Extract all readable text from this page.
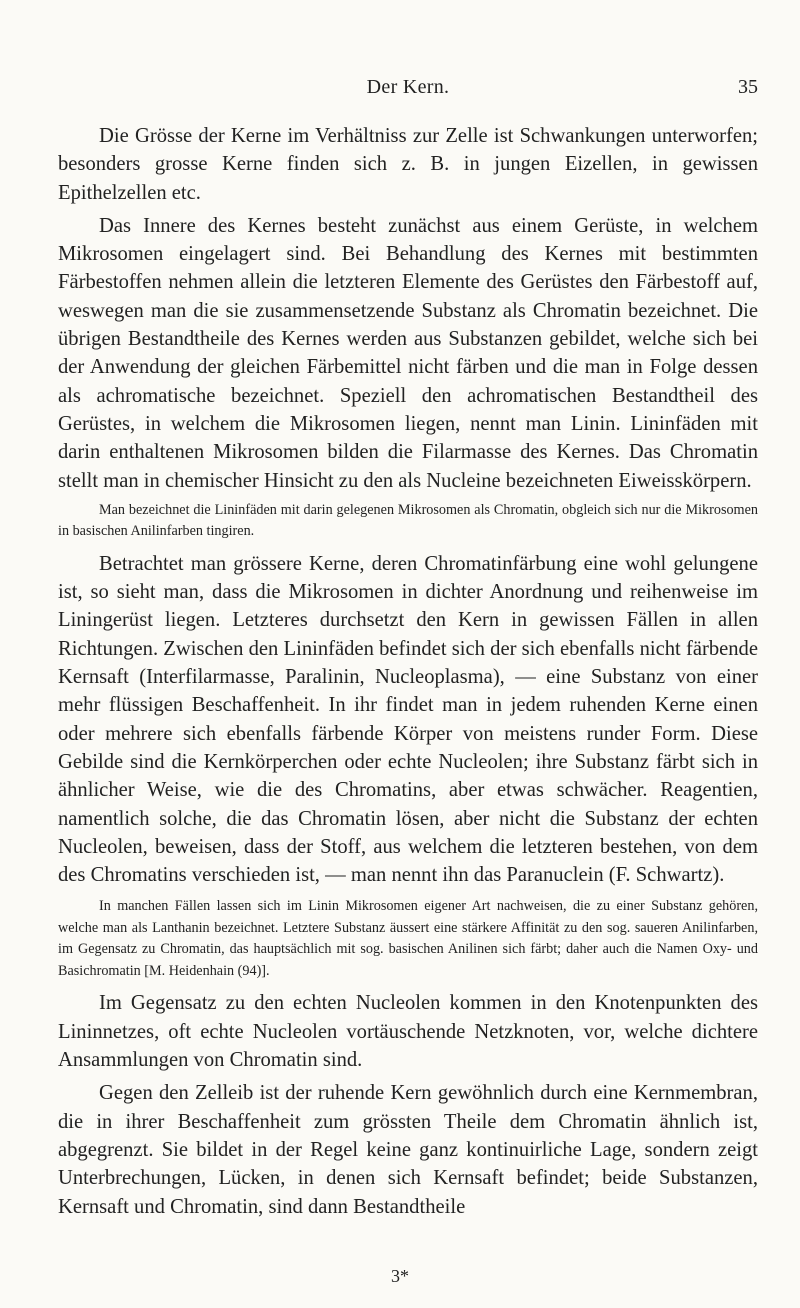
Der Kern.	35

Die Grösse der Kerne im Verhältniss zur Zelle ist Schwankungen unterworfen; besonders grosse Kerne finden sich z. B. in jungen Eizellen, in gewissen Epithelzellen etc.

Das Innere des Kernes besteht zunächst aus einem Gerüste, in welchem Mikrosomen eingelagert sind. Bei Behandlung des Kernes mit bestimmten Färbestoffen nehmen allein die letzteren Elemente des Gerüstes den Färbestoff auf, weswegen man die sie zusammensetzende Substanz als Chromatin bezeichnet. Die übrigen Bestandtheile des Kernes werden aus Substanzen gebildet, welche sich bei der Anwendung der gleichen Färbemittel nicht färben und die man in Folge dessen als achromatische bezeichnet. Speziell den achromatischen Bestandtheil des Gerüstes, in welchem die Mikrosomen liegen, nennt man Linin. Lininfäden mit darin enthaltenen Mikrosomen bilden die Filarmasse des Kernes. Das Chromatin stellt man in chemischer Hinsicht zu den als Nucleine bezeichneten Eiweisskörpern.

Man bezeichnet die Lininfäden mit darin gelegenen Mikrosomen als Chromatin, obgleich sich nur die Mikrosomen in basischen Anilinfarben tingiren.

Betrachtet man grössere Kerne, deren Chromatinfärbung eine wohl gelungene ist, so sieht man, dass die Mikrosomen in dichter Anordnung und reihenweise im Liningerüst liegen. Letzteres durchsetzt den Kern in gewissen Fällen in allen Richtungen. Zwischen den Lininfäden befindet sich der sich ebenfalls nicht färbende Kernsaft (Interfilarmasse, Paralinin, Nucleoplasma), — eine Substanz von einer mehr flüssigen Beschaffenheit. In ihr findet man in jedem ruhenden Kerne einen oder mehrere sich ebenfalls färbende Körper von meistens runder Form. Diese Gebilde sind die Kernkörperchen oder echte Nucleolen; ihre Substanz färbt sich in ähnlicher Weise, wie die des Chromatins, aber etwas schwächer. Reagentien, namentlich solche, die das Chromatin lösen, aber nicht die Substanz der echten Nucleolen, beweisen, dass der Stoff, aus welchem die letzteren bestehen, von dem des Chromatins verschieden ist, — man nennt ihn das Paranuclein (F. Schwartz).

In manchen Fällen lassen sich im Linin Mikrosomen eigener Art nachweisen, die zu einer Substanz gehören, welche man als Lanthanin bezeichnet. Letztere Substanz äussert eine stärkere Affinität zu den sog. saueren Anilinfarben, im Gegensatz zu Chromatin, das hauptsächlich mit sog. basischen Anilinen sich färbt; daher auch die Namen Oxy- und Basichromatin [M. Heidenhain (94)].

Im Gegensatz zu den echten Nucleolen kommen in den Knotenpunkten des Lininnetzes, oft echte Nucleolen vortäuschende Netzknoten, vor, welche dichtere Ansammlungen von Chromatin sind.

Gegen den Zelleib ist der ruhende Kern gewöhnlich durch eine Kernmembran, die in ihrer Beschaffenheit zum grössten Theile dem Chromatin ähnlich ist, abgegrenzt. Sie bildet in der Regel keine ganz kontinuirliche Lage, sondern zeigt Unterbrechungen, Lücken, in denen sich Kernsaft befindet; beide Substanzen, Kernsaft und Chromatin, sind dann Bestandtheile

3*
